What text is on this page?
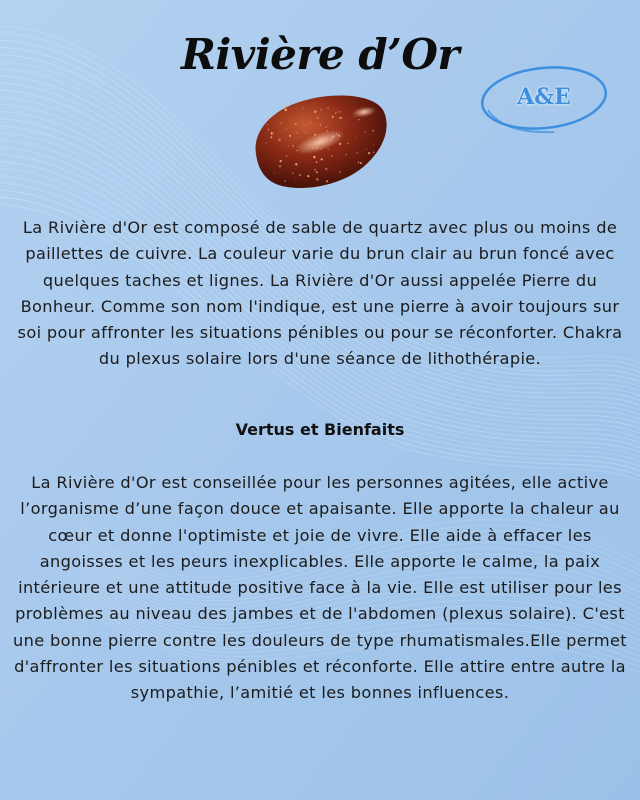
Rivière d’Or
A&E
La Rivière d'Or est composé de sable de quartz avec plus ou moins de paillettes de cuivre. La couleur varie du brun clair au brun foncé avec quelques taches et lignes. La Rivière d'Or aussi appelée Pierre du Bonheur. Comme son nom l'indique, est une pierre à avoir toujours sur soi pour affronter les situations pénibles ou pour se réconforter. Chakra du plexus solaire lors d'une séance de lithothérapie.
Vertus et Bienfaits
La Rivière d'Or est conseillée pour les personnes agitées, elle active l’organisme d’une façon douce et apaisante. Elle apporte la chaleur au cœur et donne l'optimiste et joie de vivre. Elle aide à effacer les angoisses et les peurs inexplicables. Elle apporte le calme, la paix intérieure et une attitude positive face à la vie. Elle est utiliser pour les problèmes au niveau des jambes et de l'abdomen (plexus solaire). C'est une bonne pierre contre les douleurs de type rhumatismales.Elle permet d'affronter les situations pénibles et réconforte. Elle attire entre autre la sympathie, l’amitié et les bonnes influences.
